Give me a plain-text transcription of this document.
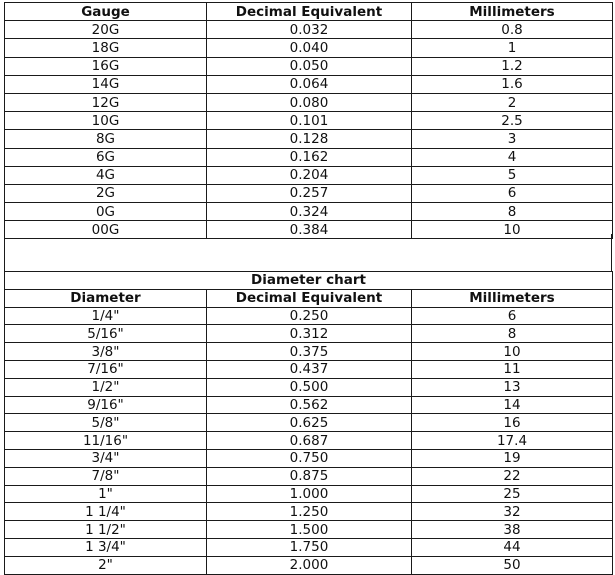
Gauge	Decimal Equivalent	Millimeters
20G	0.032	0.8
18G	0.040	1
16G	0.050	1.2
14G	0.064	1.6
12G	0.080	2
10G	0.101	2.5
8G	0.128	3
6G	0.162	4
4G	0.204	5
2G	0.257	6
0G	0.324	8
00G	0.384	10
Diameter chart		
Diameter	Decimal Equivalent	Millimeters
1/4"	0.250	6
5/16"	0.312	8
3/8"	0.375	10
7/16"	0.437	11
1/2"	0.500	13
9/16"	0.562	14
5/8"	0.625	16
11/16"	0.687	17.4
3/4"	0.750	19
7/8"	0.875	22
1"	1.000	25
1 1/4"	1.250	32
1 1/2"	1.500	38
1 3/4"	1.750	44
2"	2.000	50
